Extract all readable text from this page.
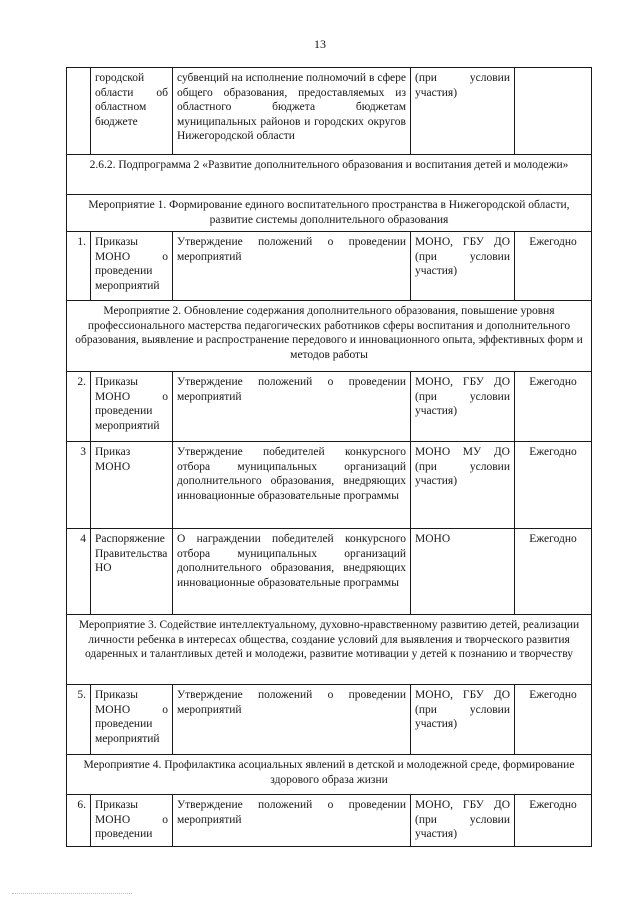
13
	городской области об областном бюджете	субвенций на исполнение полномочий в сфере общего образования, предоставляемых из областного бюджета бюджетам муниципальных районов и городских округов Нижегородской области	(при условии участия)	
2.6.2. Подпрограмма 2 «Развитие дополнительного образования и воспитания детей и молодежи»				
Мероприятие 1. Формирование единого воспитательного пространства в Нижегородской области, развитие системы дополнительного образования				
1.	Приказы МОНО о проведении мероприятий	Утверждение положений о проведении мероприятий	МОНО, ГБУ ДО (при условии участия)	Ежегодно
Мероприятие 2. Обновление содержания дополнительного образования, повышение уровня профессионального мастерства педагогических работников сферы воспитания и дополнительного образования, выявление и распространение передового и инновационного опыта, эффективных форм и методов работы				
2.	Приказы МОНО о проведении мероприятий	Утверждение положений о проведении мероприятий	МОНО, ГБУ ДО (при условии участия)	Ежегодно
3	Приказ МОНО	Утверждение победителей конкурсного отбора муниципальных организаций дополнительного образования, внедряющих инновационные образовательные программы	МОНО МУ ДО (при условии участия)	Ежегодно
4	Распоряжение Правительства НО	О награждении победителей конкурсного отбора муниципальных организаций дополнительного образования, внедряющих инновационные образовательные программы	МОНО	Ежегодно
Мероприятие 3. Содействие интеллектуальному, духовно-нравственному развитию детей, реализации личности ребенка в интересах общества, создание условий для выявления и творческого развития одаренных и талантливых детей и молодежи, развитие мотивации у детей к познанию и творчеству				
5.	Приказы МОНО о проведении мероприятий	Утверждение положений о проведении мероприятий	МОНО, ГБУ ДО (при условии участия)	Ежегодно
Мероприятие 4. Профилактика асоциальных явлений в детской и молодежной среде, формирование здорового образа жизни				
6.	Приказы МОНО о проведении	Утверждение положений о проведении мероприятий	МОНО, ГБУ ДО (при условии участия)	Ежегодно
